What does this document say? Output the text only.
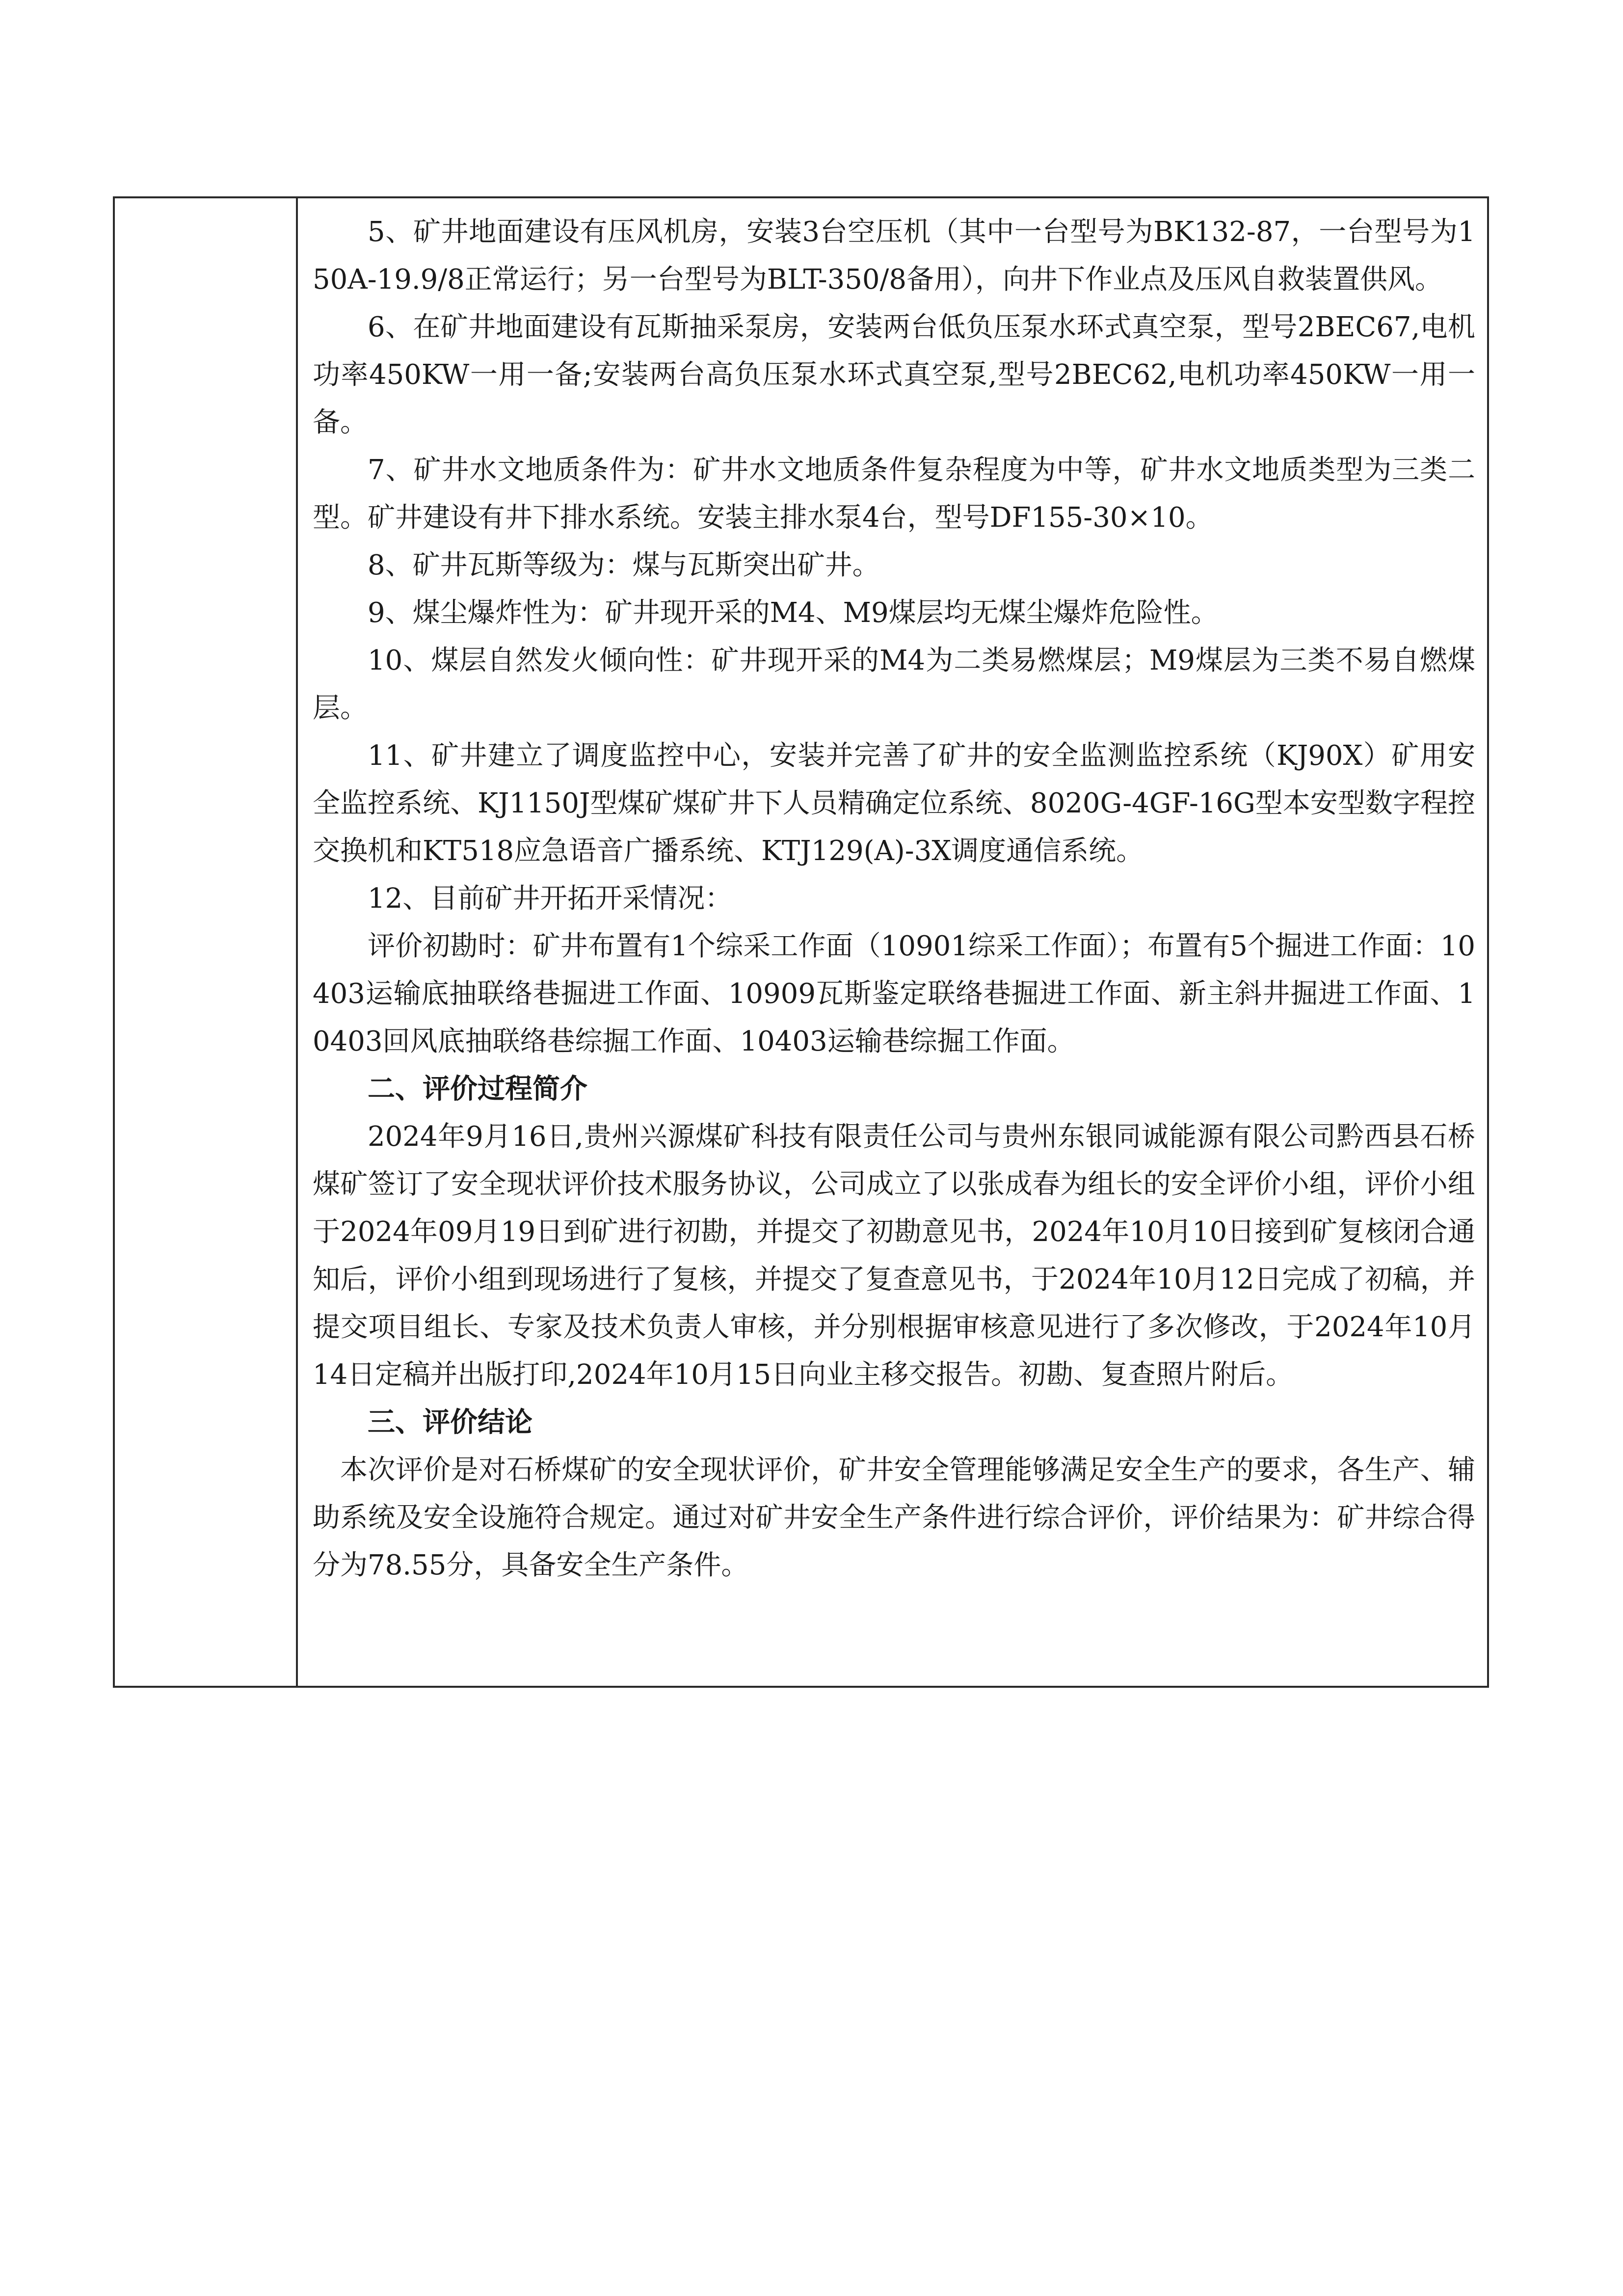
5、矿井地面建设有压风机房，安装3台空压机（其中一台型号为BK132-87，一台型号为150A-19.9/8正常运行；另一台型号为BLT-350/8备用），向井下作业点及压风自救装置供风。

6、在矿井地面建设有瓦斯抽采泵房，安装两台低负压泵水环式真空泵，型号2BEC67,电机功率450KW一用一备;安装两台高负压泵水环式真空泵,型号2BEC62,电机功率450KW一用一备。

7、矿井水文地质条件为：矿井水文地质条件复杂程度为中等，矿井水文地质类型为三类二型。矿井建设有井下排水系统。安装主排水泵4台，型号DF155-30×10。

8、矿井瓦斯等级为：煤与瓦斯突出矿井。

9、煤尘爆炸性为：矿井现开采的M4、M9煤层均无煤尘爆炸危险性。

10、煤层自然发火倾向性：矿井现开采的M4为二类易燃煤层；M9煤层为三类不易自燃煤层。

11、矿井建立了调度监控中心，安装并完善了矿井的安全监测监控系统（KJ90X）矿用安全监控系统、KJ1150J型煤矿煤矿井下人员精确定位系统、8020G-4GF-16G型本安型数字程控交换机和KT518应急语音广播系统、KTJ129(A)-3X调度通信系统。

12、目前矿井开拓开采情况：

评价初勘时：矿井布置有1个综采工作面（10901综采工作面）；布置有5个掘进工作面：10403运输底抽联络巷掘进工作面、10909瓦斯鉴定联络巷掘进工作面、新主斜井掘进工作面、10403回风底抽联络巷综掘工作面、10403运输巷综掘工作面。

二、评价过程简介

2024年9月16日,贵州兴源煤矿科技有限责任公司与贵州东银同诚能源有限公司黔西县石桥煤矿签订了安全现状评价技术服务协议，公司成立了以张成春为组长的安全评价小组，评价小组于2024年09月19日到矿进行初勘，并提交了初勘意见书，2024年10月10日接到矿复核闭合通知后，评价小组到现场进行了复核，并提交了复查意见书，于2024年10月12日完成了初稿，并提交项目组长、专家及技术负责人审核，并分别根据审核意见进行了多次修改，于2024年10月14日定稿并出版打印,2024年10月15日向业主移交报告。初勘、复查照片附后。

三、评价结论

本次评价是对石桥煤矿的安全现状评价，矿井安全管理能够满足安全生产的要求，各生产、辅助系统及安全设施符合规定。通过对矿井安全生产条件进行综合评价，评价结果为：矿井综合得分为78.55分，具备安全生产条件。
